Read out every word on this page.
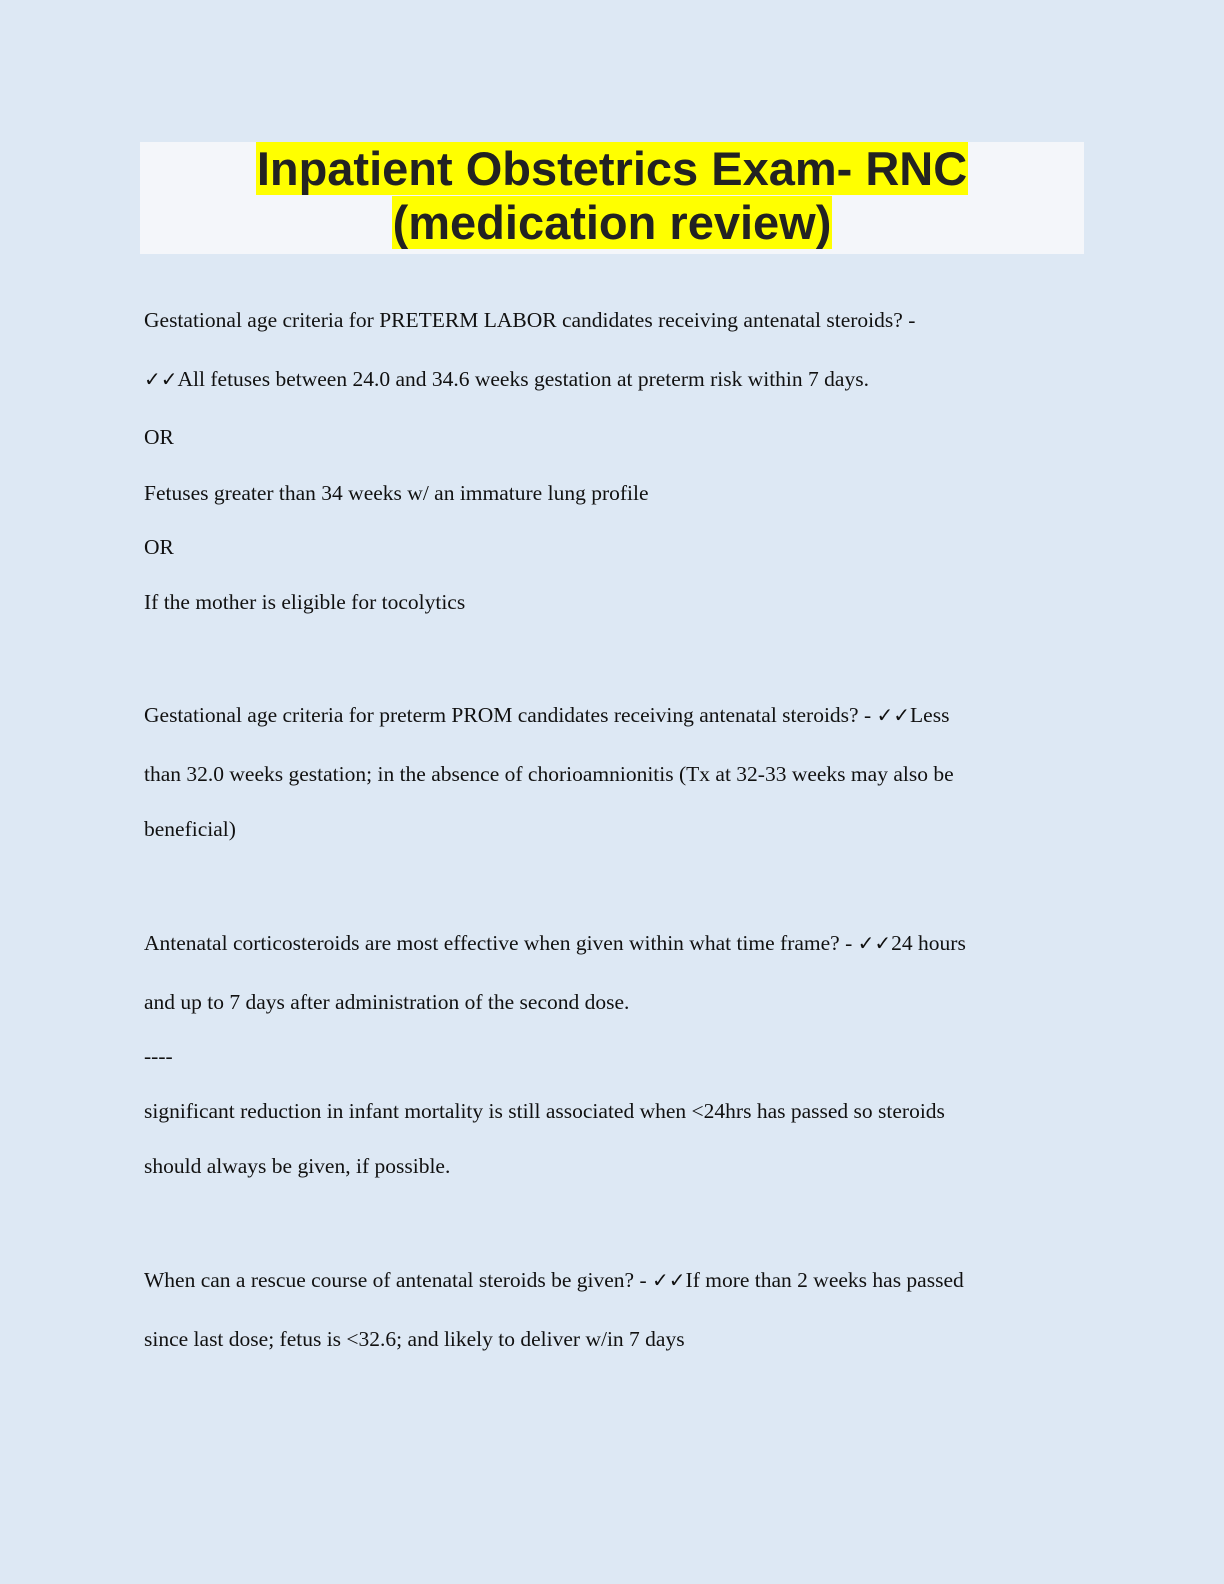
Inpatient Obstetrics Exam- RNC
(medication review)
Gestational age criteria for PRETERM LABOR candidates receiving antenatal steroids? -
✓✓All fetuses between 24.0 and 34.6 weeks gestation at preterm risk within 7 days.
OR
Fetuses greater than 34 weeks w/ an immature lung profile
OR
If the mother is eligible for tocolytics
Gestational age criteria for preterm PROM candidates receiving antenatal steroids? - ✓✓Less
than 32.0 weeks gestation; in the absence of chorioamnionitis (Tx at 32-33 weeks may also be
beneficial)
Antenatal corticosteroids are most effective when given within what time frame? - ✓✓24 hours
and up to 7 days after administration of the second dose.
----
significant reduction in infant mortality is still associated when <24hrs has passed so steroids
should always be given, if possible.
When can a rescue course of antenatal steroids be given? - ✓✓If more than 2 weeks has passed
since last dose; fetus is <32.6; and likely to deliver w/in 7 days
